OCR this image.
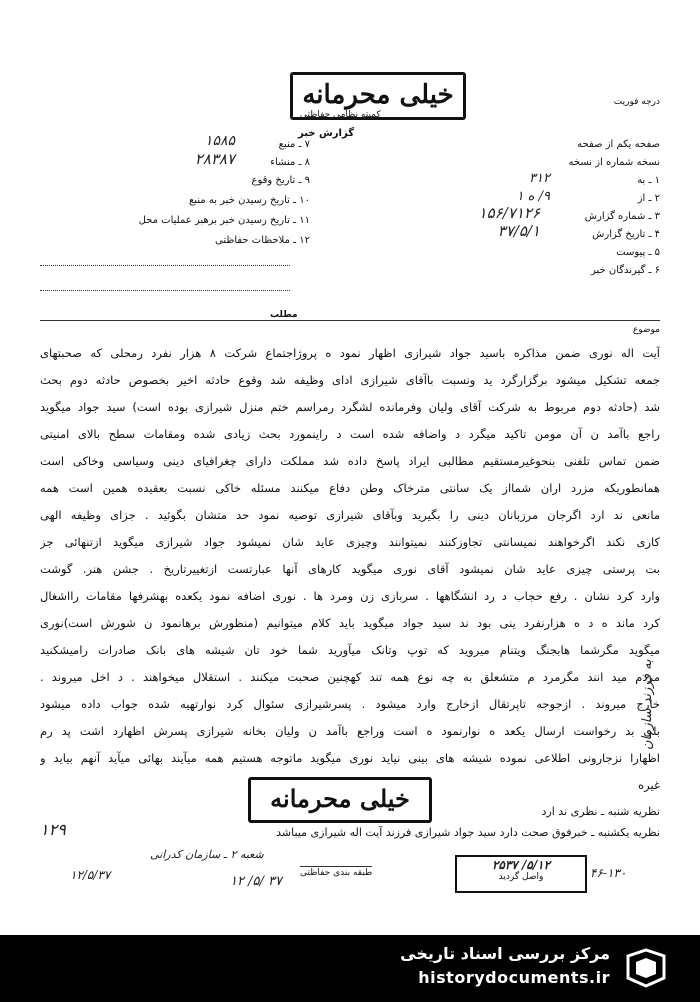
خیلی محرمانه
کمیته نظامی حفاظتی
گزارش خبر
درجه فوریت
صفحه یکم از صفحه
نسخه شماره از نسخه
۱ ـ به
۳۱۲
۲ ـ از
۹/ ه ۱
۳ ـ شماره گزارش
۱۵۶/۷۱۲۶
۴ ـ تاریخ گزارش
۳۷/۵/۱
۵ ـ پیوست
۶ ـ گیرندگان خبر
۷ ـ منبع
۱۵۸۵
۸ ـ منشاء
۲۸۳۸۷
۹ ـ تاریخ وقوع
۱۰ ـ تاریخ رسیدن خبر به منبع
۱۱ ـ تاریخ رسیدن خبر برهبر عملیات محل
۱۲ ـ ملاحظات حفاظتی
مطلب
موضوع
آیت اله نوری ضمن مذاکره باسید جواد شیرازی اظهار نمود ه پروژاجتماع شرکت ۸ هزار نفرد رمحلی که صحبتهای
جمعه تشکیل میشود برگزارگرد ید ونسبت باآقای شیرازی ادای وظیفه شد وقوع حادثه اخیر بخصوص حادثه دوم بحث
شد (حادثه دوم مربوط به شرکت آقای ولیان وفرمانده لشگرد رمراسم ختم منزل شیرازی بوده است) سید جواد میگوید
راجع باآمد ن آن مومن تاکید میگرد د واضافه شده است د راینمورد بحث زیادی شده ومقامات سطح بالای امنیتی
ضمن تماس تلفنی بنحوغیرمستقیم مطالبی ایراد پاسخ داده شد مملکت دارای چغرافیای دینی وسیاسی وخاکی است
همانطوریکه مزرد اران شمااز یک سانتی مترخاک وطن دفاع میکنند مسئله خاکی نسبت بعقیده همین است همه
مانعی ند ارد اگرجان مرزبانان دینی را بگیرید وبآقای شیرازی توصیه نمود حد متشان بگوئید . جزای وظیفه الهی
کاری نکند اگرخواهند نمیسانتی تجاوزکنند نمیتوانند وچیزی عاید شان نمیشود جواد شیرازی میگوید ازتنهائی جز
بت پرستی چیزی عاید شان نمیشود آقای نوری میگوید کارهای آنها عبارتست ازتغییرتاریخ . جشن هنر. گوشت
وارد کرد نشان . رفع حجاب د رد انشگاهها . سربازی زن ومرد ها . نوری اضافه نمود یکعده بهشرفها مقامات رااشغال
کرد ماند ه د ه هزارنفرد ینی بود ند سید جواد میگوید باید کلام میتوانیم (منظورش برهانمود ن شورش است)نوری
میگوید مگرشما هابجنگ ویتنام میروید که توپ وتانک میآورید شما خود تان شیشه های بانک صادرات رامیشکنید
مردم مید انند مگرمرد م متشعلق به چه نوع همه تند کهچنین صحبت میکنند . استقلال میخواهند . د اخل میروند .
خارج میروند . ازجوجه تاپرتقال ازخارج وارد میشود . پسرشیرازی سئوال کرد نوارتهیه شده جواب داده میشود
بلی بد رخواست ارسال یکعد ه نوارنمود ه است وراجع باآمد ن ولیان بخانه شیرازی پسرش اظهارد اشت پد رم
اظهارا نزجارونی اطلاعی نموده شیشه های بینی نیاید نوری میگوید ماتوجه هستیم همه میآیند بهائی میآید آنهم بیاید و
غیره
خیلی محرمانه	نظریه شنبه ـ نظری ند ارد
نظریه یکشنبه ـ خبرفوق صحت دارد سید جواد شیرازی فرزند آیت اله شیرازی میباشد
۱۲۹
شعبه ۲ ـ سازمان کدرانی
۱۲/۵/۳۷	طبقه بندی حفاظتی
۲۵۳۷ /۵/۱۲
واصل گردید	۴۶-۱۳۰
۱۲ /۵/ ۳۷
به فرزند سازمان
مرکز بررسی اسناد تاریخی
historydocuments.ir
